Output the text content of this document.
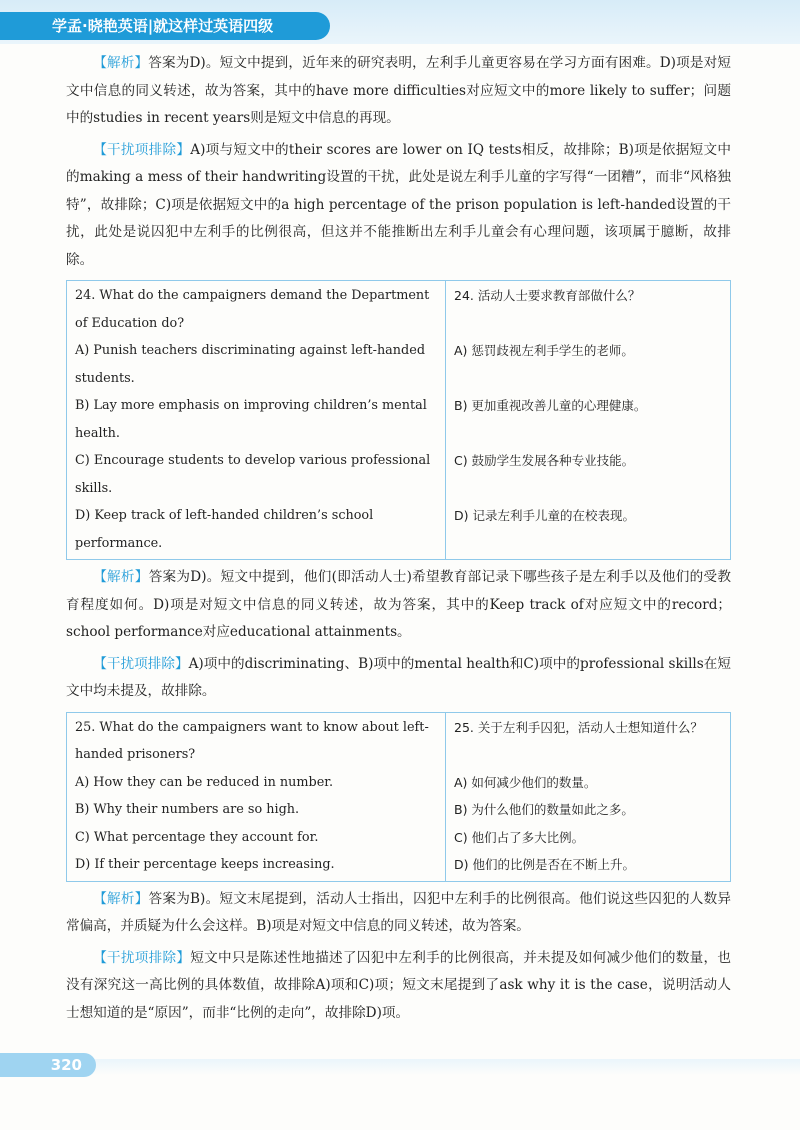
学孟·晓艳英语|就这样过英语四级

【解析】答案为D)。短文中提到，近年来的研究表明，左利手儿童更容易在学习方面有困难。D)项是对短文中信息的同义转述，故为答案，其中的have more difficulties对应短文中的more likely to suffer；问题中的studies in recent years则是短文中信息的再现。

【干扰项排除】A)项与短文中的their scores are lower on IQ tests相反，故排除；B)项是依据短文中的making a mess of their handwriting设置的干扰，此处是说左利手儿童的字写得“一团糟”，而非“风格独特”，故排除；C)项是依据短文中的a high percentage of the prison population is left-handed设置的干扰，此处是说囚犯中左利手的比例很高，但这并不能推断出左利手儿童会有心理问题，该项属于臆断，故排除。

24. What do the campaigners demand the Department of Education do?	24. 活动人士要求教育部做什么？
A) Punish teachers discriminating against left-handed students.	A) 惩罚歧视左利手学生的老师。
B) Lay more emphasis on improving children’s mental health.	B) 更加重视改善儿童的心理健康。
C) Encourage students to develop various professional skills.	C) 鼓励学生发展各种专业技能。
D) Keep track of left-handed children’s school performance.	D) 记录左利手儿童的在校表现。

【解析】答案为D)。短文中提到，他们(即活动人士)希望教育部记录下哪些孩子是左利手以及他们的受教育程度如何。D)项是对短文中信息的同义转述，故为答案，其中的Keep track of对应短文中的record；school performance对应educational attainments。

【干扰项排除】A)项中的discriminating、B)项中的mental health和C)项中的professional skills在短文中均未提及，故排除。

25. What do the campaigners want to know about left-handed prisoners?	25. 关于左利手囚犯，活动人士想知道什么？
A) How they can be reduced in number.	A) 如何减少他们的数量。
B) Why their numbers are so high.	B) 为什么他们的数量如此之多。
C) What percentage they account for.	C) 他们占了多大比例。
D) If their percentage keeps increasing.	D) 他们的比例是否在不断上升。

【解析】答案为B)。短文末尾提到，活动人士指出，囚犯中左利手的比例很高。他们说这些囚犯的人数异常偏高，并质疑为什么会这样。B)项是对短文中信息的同义转述，故为答案。

【干扰项排除】短文中只是陈述性地描述了囚犯中左利手的比例很高，并未提及如何减少他们的数量，也没有深究这一高比例的具体数值，故排除A)项和C)项；短文末尾提到了ask why it is the case，说明活动人士想知道的是“原因”，而非“比例的走向”，故排除D)项。

320
